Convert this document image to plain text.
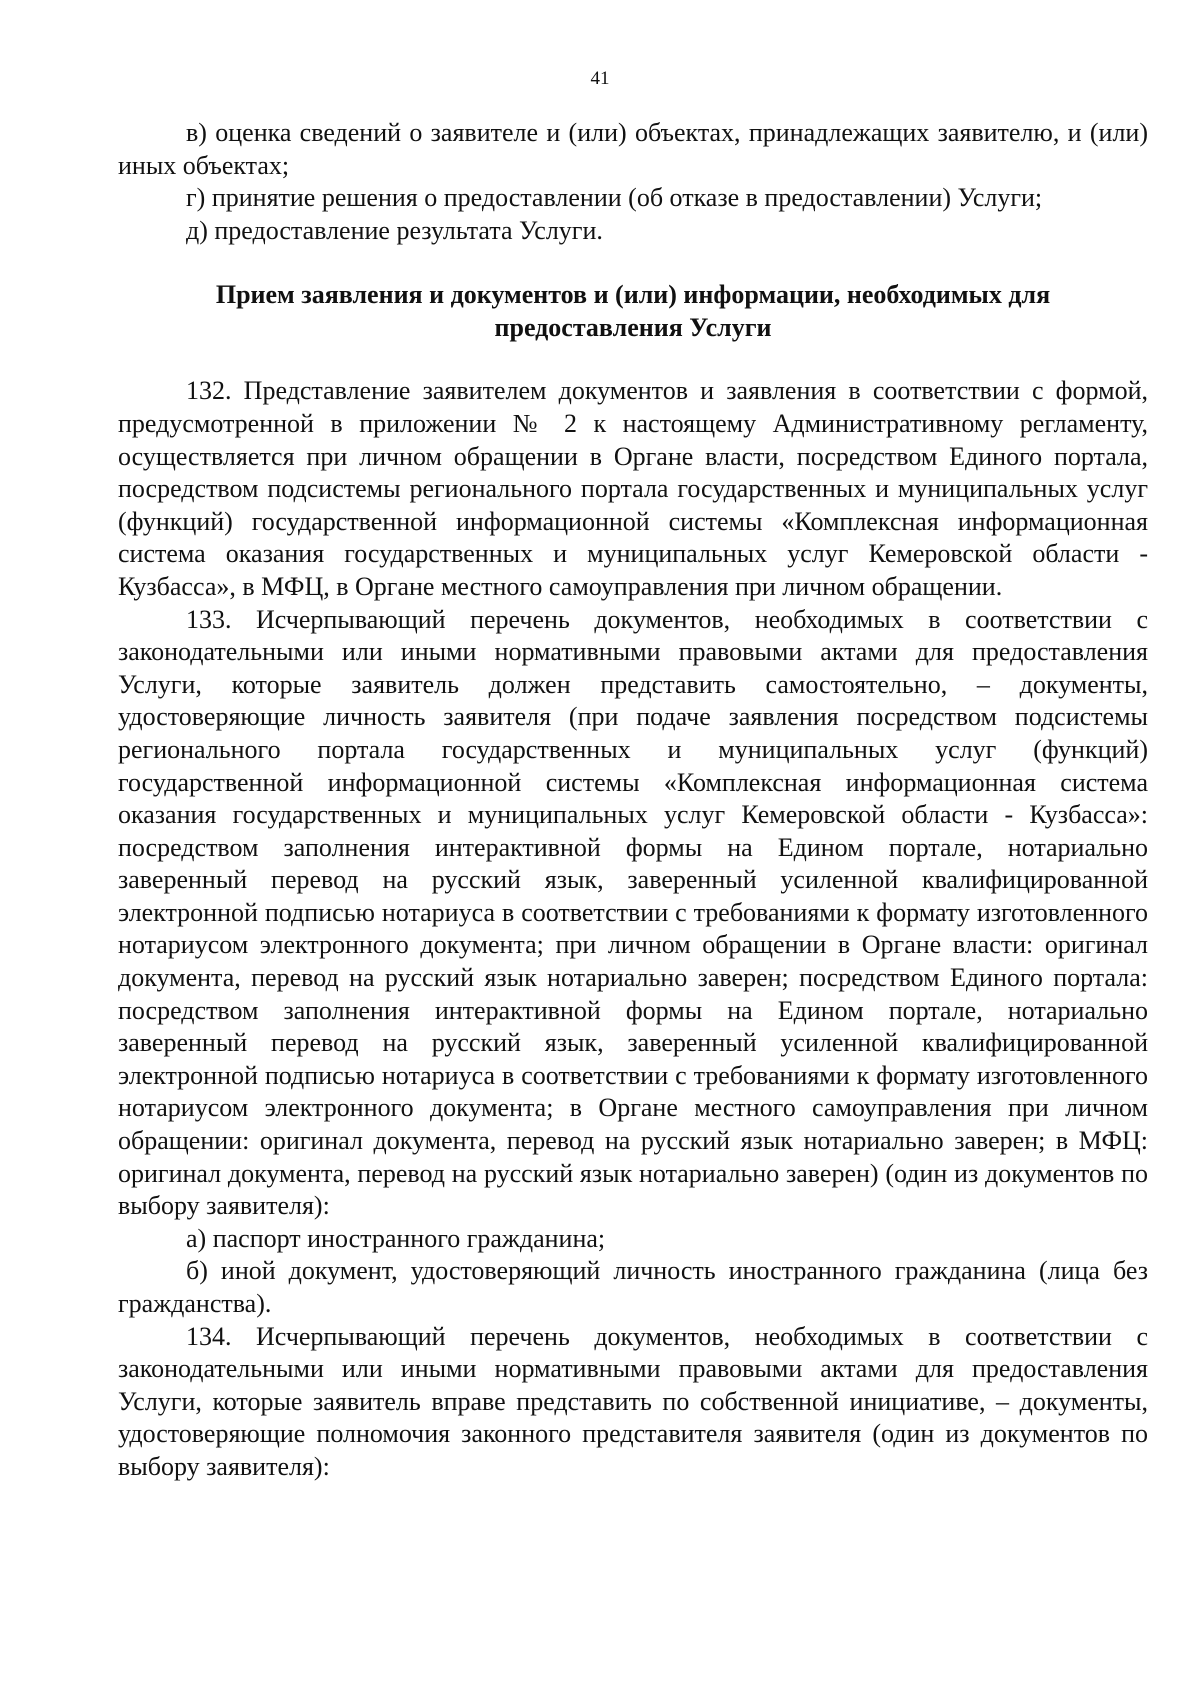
41

в) оценка сведений о заявителе и (или) объектах, принадлежащих заявителю, и (или) иных объектах;

г) принятие решения о предоставлении (об отказе в предоставлении) Услуги;

д) предоставление результата Услуги.

Прием заявления и документов и (или) информации, необходимых для
предоставления Услуги

132. Представление заявителем документов и заявления в соответствии с формой, предусмотренной в приложении № 2 к настоящему Административному регламенту, осуществляется при личном обращении в Органе власти, посредством Единого портала, посредством подсистемы регионального портала государственных и муниципальных услуг (функций) государственной информационной системы «Комплексная информационная система оказания государственных и муниципальных услуг Кемеровской области - Кузбасса», в МФЦ, в Органе местного самоуправления при личном обращении.

133. Исчерпывающий перечень документов, необходимых в соответствии с законодательными или иными нормативными правовыми актами для предоставления Услуги, которые заявитель должен представить самостоятельно, – документы, удостоверяющие личность заявителя (при подаче заявления посредством подсистемы регионального портала государственных и муниципальных услуг (функций) государственной информационной системы «Комплексная информационная система оказания государственных и муниципальных услуг Кемеровской области - Кузбасса»: посредством заполнения интерактивной формы на Едином портале, нотариально заверенный перевод на русский язык, заверенный усиленной квалифицированной электронной подписью нотариуса в соответствии с требованиями к формату изготовленного нотариусом электронного документа; при личном обращении в Органе власти: оригинал документа, перевод на русский язык нотариально заверен; посредством Единого портала: посредством заполнения интерактивной формы на Едином портале, нотариально заверенный перевод на русский язык, заверенный усиленной квалифицированной электронной подписью нотариуса в соответствии с требованиями к формату изготовленного нотариусом электронного документа; в Органе местного самоуправления при личном обращении: оригинал документа, перевод на русский язык нотариально заверен; в МФЦ: оригинал документа, перевод на русский язык нотариально заверен) (один из документов по выбору заявителя):

а) паспорт иностранного гражданина;

б) иной документ, удостоверяющий личность иностранного гражданина (лица без гражданства).

134. Исчерпывающий перечень документов, необходимых в соответствии с законодательными или иными нормативными правовыми актами для предоставления Услуги, которые заявитель вправе представить по собственной инициативе, – документы, удостоверяющие полномочия законного представителя заявителя (один из документов по выбору заявителя):
